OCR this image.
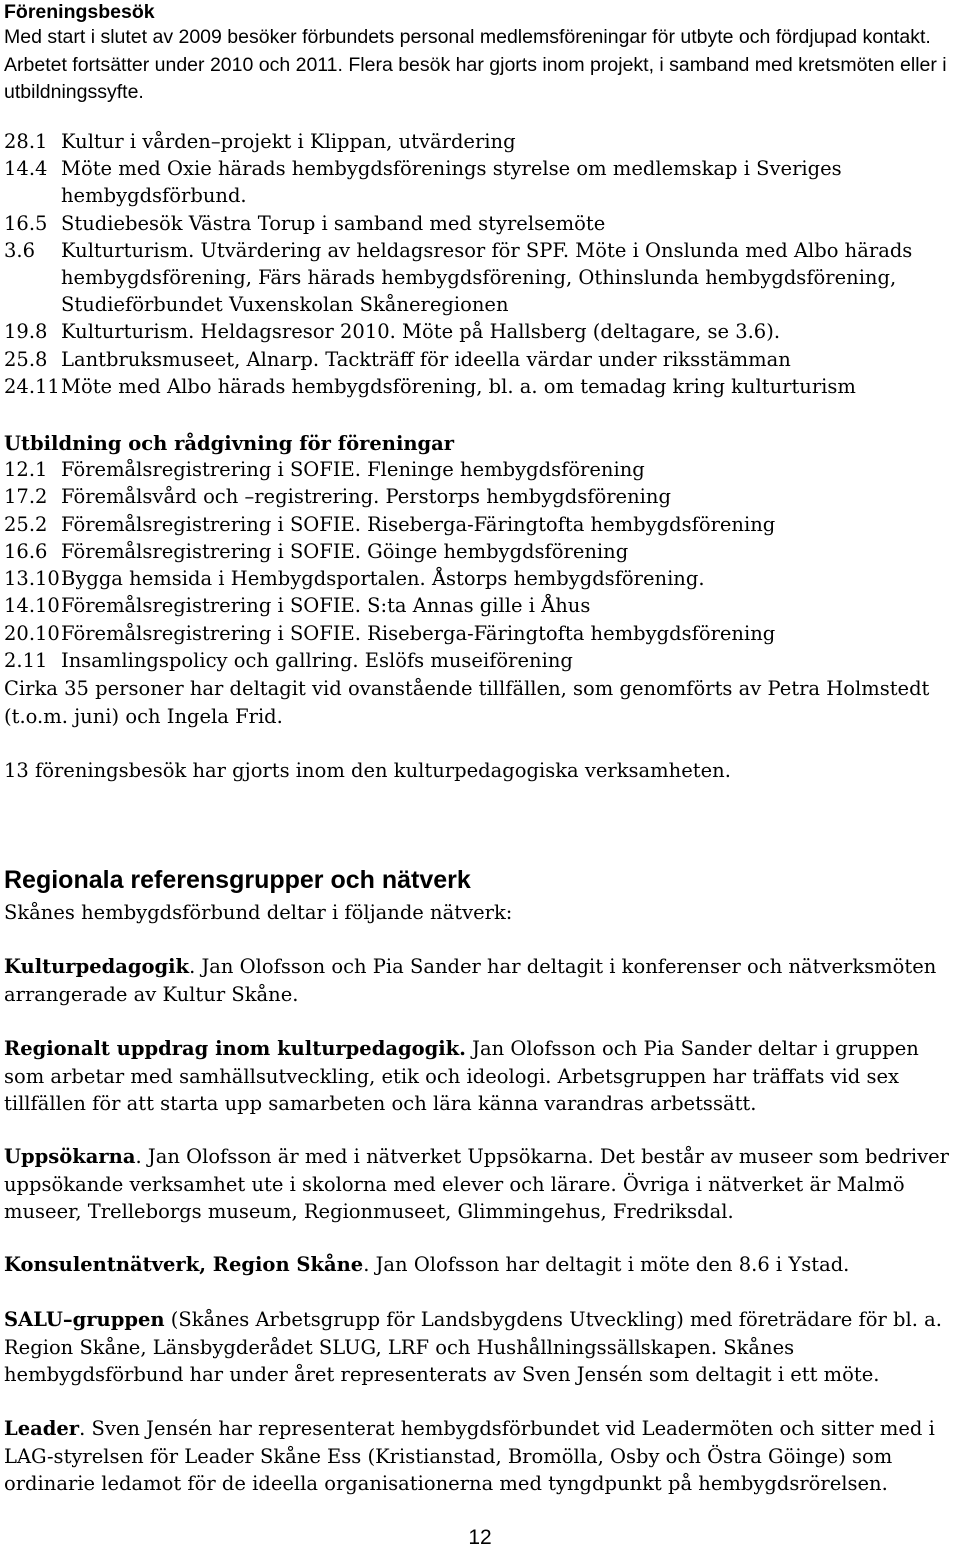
Föreningsbesök

Med start i slutet av 2009 besöker förbundets personal medlemsföreningar för utbyte och fördjupad kontakt. Arbetet fortsätter under 2010 och 2011. Flera besök har gjorts inom projekt, i samband med kretsmöten eller i utbildningssyfte.

28.1 Kultur i vården–projekt i Klippan, utvärdering
14.4 Möte med Oxie härads hembygdsförenings styrelse om medlemskap i Sveriges hembygdsförbund.
16.5 Studiebesök Västra Torup i samband med styrelsemöte
3.6	Kulturturism. Utvärdering av heldagsresor för SPF. Möte i Onslunda med Albo härads hembygdsförening, Färs härads hembygdsförening, Othinslunda hembygdsförening, Studieförbundet Vuxenskolan Skåneregionen
19.8 Kulturturism. Heldagsresor 2010. Möte på Hallsberg (deltagare, se 3.6).
25.8 Lantbruksmuseet, Alnarp. Tackträff för ideella värdar under riksstämman
24.11 Möte med Albo härads hembygdsförening, bl. a. om temadag kring kulturturism

Utbildning och rådgivning för föreningar

12.1 Föremålsregistrering i SOFIE. Fleninge hembygdsförening
17.2 Föremålsvård och –registrering. Perstorps hembygdsförening
25.2 Föremålsregistrering i SOFIE. Riseberga-Färingtofta hembygdsförening
16.6 Föremålsregistrering i SOFIE. Göinge hembygdsförening
13.10 Bygga hemsida i Hembygdsportalen. Åstorps hembygdsförening.
14.10 Föremålsregistrering i SOFIE. S:ta Annas gille i Åhus
20.10 Föremålsregistrering i SOFIE. Riseberga-Färingtofta hembygdsförening
2.11 Insamlingspolicy och gallring. Eslöfs museiförening

Cirka 35 personer har deltagit vid ovanstående tillfällen, som genomförts av Petra Holmstedt (t.o.m. juni) och Ingela Frid.

13 föreningsbesök har gjorts inom den kulturpedagogiska verksamheten.

Regionala referensgrupper och nätverk

Skånes hembygdsförbund deltar i följande nätverk:

Kulturpedagogik. Jan Olofsson och Pia Sander har deltagit i konferenser och nätverksmöten arrangerade av Kultur Skåne.

Regionalt uppdrag inom kulturpedagogik. Jan Olofsson och Pia Sander deltar i gruppen som arbetar med samhällsutveckling, etik och ideologi. Arbetsgruppen har träffats vid sex tillfällen för att starta upp samarbeten och lära känna varandras arbetssätt.

Uppsökarna. Jan Olofsson är med i nätverket Uppsökarna. Det består av museer som bedriver uppsökande verksamhet ute i skolorna med elever och lärare. Övriga i nätverket är Malmö museer, Trelleborgs museum, Regionmuseet, Glimmingehus, Fredriksdal.

Konsulentnätverk, Region Skåne. Jan Olofsson har deltagit i möte den 8.6 i Ystad.

SALU–gruppen (Skånes Arbetsgrupp för Landsbygdens Utveckling) med företrädare för bl. a. Region Skåne, Länsbygderådet SLUG, LRF och Hushållningssällskapen. Skånes hembygdsförbund har under året representerats av Sven Jensén som deltagit i ett möte.

Leader. Sven Jensén har representerat hembygdsförbundet vid Leadermöten och sitter med i LAG-styrelsen för Leader Skåne Ess (Kristianstad, Bromölla, Osby och Östra Göinge) som ordinarie ledamot för de ideella organisationerna med tyngdpunkt på hembygdsrörelsen.

12
